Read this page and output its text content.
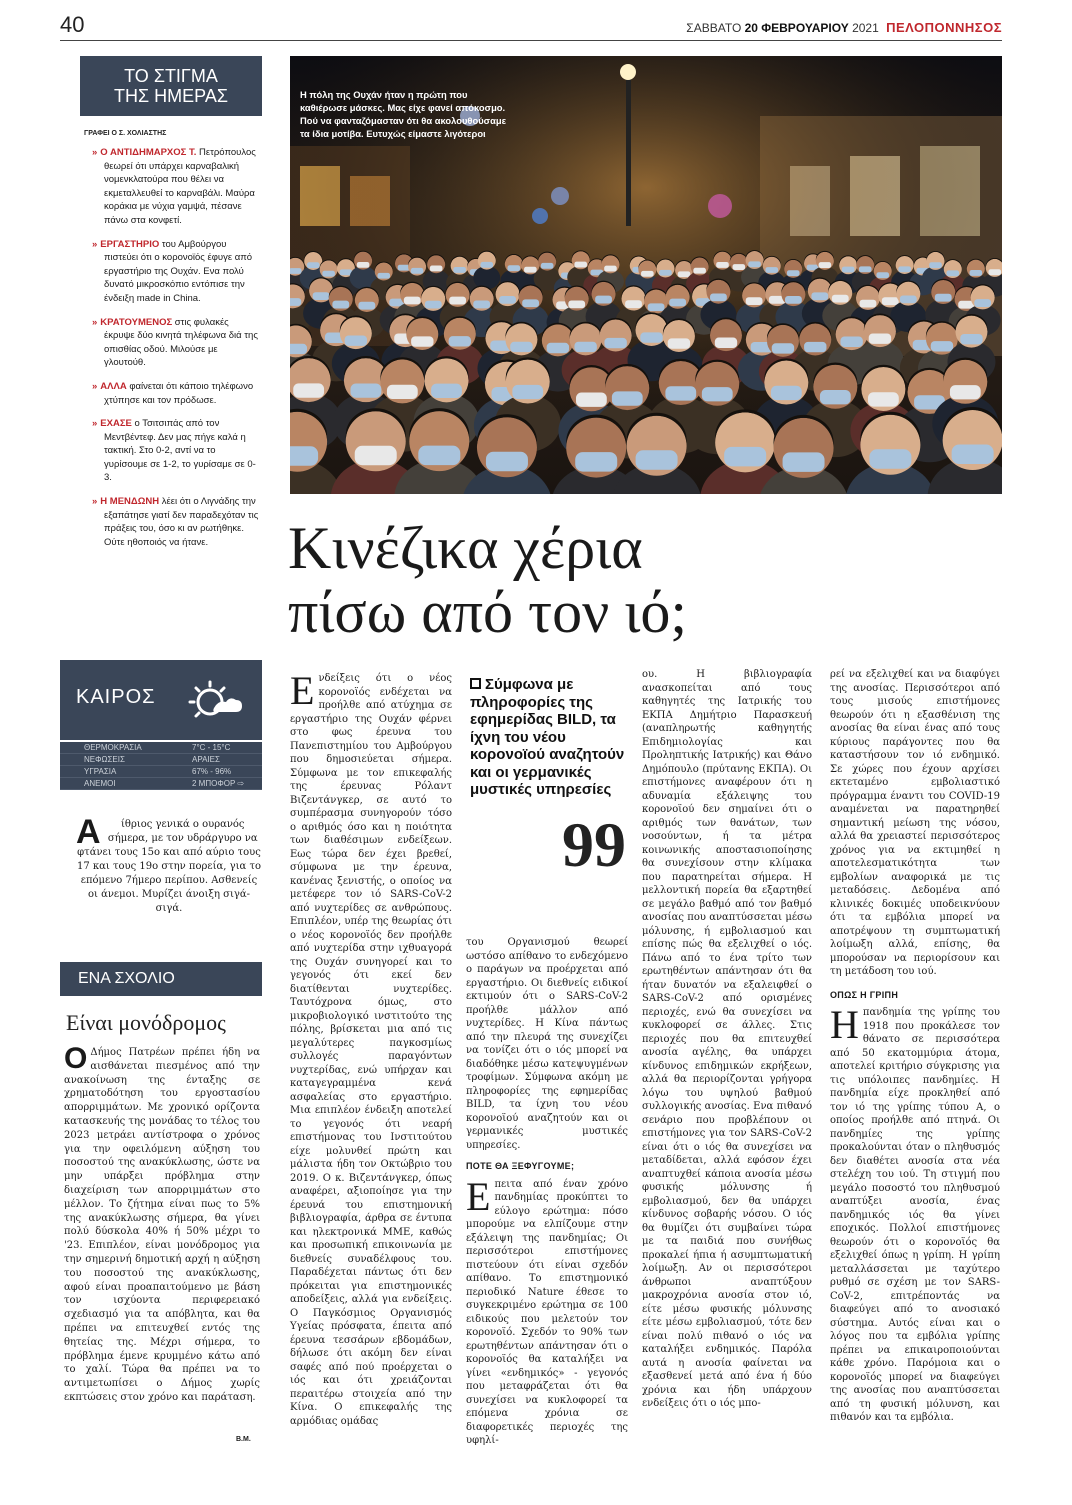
40	ΣΑΒΒΑΤΟ 20 ΦΕΒΡΟΥΑΡΙΟΥ 2021 ΠΕΛΟΠΟΝΝΗΣΟΣ
ΤΟ ΣΤΙΓΜΑ
ΤΗΣ ΗΜΕΡΑΣ
ΓΡΑΦΕΙ Ο Σ. ΧΟΛΙΑΣΤΗΣ
» Ο ΑΝΤΙΔΗΜΑΡΧΟΣ Τ. Πετρόπουλος θεωρεί ότι υπάρχει καρναβαλική νομενκλατούρα που θέλει να εκμεταλλευθεί το καρναβάλι. Μαύρα κοράκια με νύχια γαμψά, πέσανε πάνω στα κονφετί.
» ΕΡΓΑΣΤΗΡΙΟ του Αμβούργου πιστεύει ότι ο κορονοϊός έφυγε από εργαστήριο της Ουχάν. Ενα πολύ δυνατό μικροσκόπιο εντόπισε την ένδειξη made in China.
» ΚΡΑΤΟΥΜΕΝΟΣ στις φυλακές έκρυψε δύο κινητά τηλέφωνα διά της οπισθίας οδού. Μιλούσε με γλουτούθ.
» ΑΛΛΑ φαίνεται ότι κάποιο τηλέφωνο χτύπησε και τον πρόδωσε.
» ΕΧΑΣΕ ο Τσιτσιπάς από τον Μεντβέντεφ. Δεν μας πήγε καλά η τακτική. Στο 0-2, αντί να το γυρίσουμε σε 1-2, το γυρίσαμε σε 0-3.
» Η ΜΕΝΔΩΝΗ λέει ότι ο Λιγνάδης την εξαπάτησε γιατί δεν παραδεχόταν τις πράξεις του, όσο κι αν ρωτήθηκε. Ούτε ηθοποιός να ήτανε.
ΚΑΙΡΟΣ
ΘΕΡΜΟΚΡΑΣΙΑ	7°C - 15°C
ΝΕΦΩΣΕΙΣ	ΑΡΑΙΕΣ
ΥΓΡΑΣΙΑ	67% - 96%
ΑΝΕΜΟΙ	2 ΜΠΟΦΟΡ ⇨
Α ίθριος γενικά ο ουρανός σήμερα, με τον υδράργυρο να φτάνει τους 15ο και από αύριο τους 17 και τους 19ο στην πορεία, για το επόμενο 7ήμερο περίπου. Ασθενείς οι άνεμοι. Μυρίζει άνοιξη σιγά-σιγά.
ΕΝΑ ΣΧΟΛΙΟ
Είναι μονόδρομος
Ο Δήμος Πατρέων πρέπει ήδη να αισθάνεται πιεσμένος από την ανακοίνωση της ένταξης σε χρηματοδότηση του εργοστασίου απορριμμάτων. Με χρονικό ορίζοντα κατασκευής της μονάδας το τέλος του 2023 μετράει αντίστροφα ο χρόνος για την οφειλόμενη αύξηση του ποσοστού της ανακύκλωσης, ώστε να μην υπάρξει πρόβλημα στην διαχείριση των απορριμμάτων στο μέλλον. Το ζήτημα είναι πως το 5% της ανακύκλωσης σήμερα, θα γίνει πολύ δύσκολα 40% ή 50% μέχρι το '23. Επιπλέον, είναι μονόδρομος για την σημερινή δημοτική αρχή η αύξηση του ποσοστού της ανακύκλωσης, αφού είναι προαπαιτούμενο με βάση τον ισχύοντα περιφερειακό σχεδιασμό για τα απόβλητα, και θα πρέπει να επιτευχθεί εντός της θητείας της. Μέχρι σήμερα, το πρόβλημα έμενε κρυμμένο κάτω από το χαλί. Τώρα θα πρέπει να το αντιμετωπίσει ο Δήμος χωρίς εκπτώσεις στον χρόνο και παράταση.
Β.Μ.
Η πόλη της Ουχάν ήταν η πρώτη που καθιέρωσε μάσκες. Μας είχε φανεί απόκοσμο. Πού να φανταζόμασταν ότι θα ακολουθούσαμε τα ίδια μοτίβα. Ευτυχώς είμαστε λιγότεροι
Κινέζικα χέρια
πίσω από τον ιό;
Ενδείξεις ότι ο νέος κορονοϊός ενδέχεται να προήλθε από ατύχημα σε εργαστήριο της Ουχάν φέρνει στο φως έρευνα του Πανεπιστημίου του Αμβούργου που δημοσιεύεται σήμερα. Σύμφωνα με τον επικεφαλής της έρευνας Ρόλαντ Βιζεντάνγκερ, σε αυτό το συμπέρασμα συνηγορούν τόσο ο αριθμός όσο και η ποιότητα των διαθέσιμων ενδείξεων. Εως τώρα δεν έχει βρεθεί, σύμφωνα με την έρευνα, κανένας ξενιστής, ο οποίος να μετέφερε τον ιό SARS-CoV-2 από νυχτερίδες σε ανθρώπους. Επιπλέον, υπέρ της θεωρίας ότι ο νέος κορονοϊός δεν προήλθε από νυχτερίδα στην ιχθυαγορά της Ουχάν συνηγορεί και το γεγονός ότι εκεί δεν διατίθενται νυχτερίδες. Ταυτόχρονα όμως, στο μικροβιολογικό ινστιτούτο της πόλης, βρίσκεται μια από τις μεγαλύτερες παγκοσμίως συλλογές παραγόντων νυχτερίδας, ενώ υπήρχαν και καταγεγραμμένα κενά ασφαλείας στο εργαστήριο. Μια επιπλέον ένδειξη αποτελεί το γεγονός ότι νεαρή επιστήμονας του Ινστιτούτου είχε μολυνθεί πρώτη και μάλιστα ήδη τον Οκτώβριο του 2019. Ο κ. Βιζεντάνγκερ, όπως αναφέρει, αξιοποίησε για την έρευνά του επιστημονική βιβλιογραφία, άρθρα σε έντυπα και ηλεκτρονικά ΜΜΕ, καθώς και προσωπική επικοινωνία με διεθνείς συναδέλφους του. Παραδέχεται πάντως ότι δεν πρόκειται για επιστημονικές αποδείξεις, αλλά για ενδείξεις. Ο Παγκόσμιος Οργανισμός Υγείας πρόσφατα, έπειτα από έρευνα τεσσάρων εβδομάδων, δήλωσε ότι ακόμη δεν είναι σαφές από πού προέρχεται ο ιός και ότι χρειάζονται περαιτέρω στοιχεία από την Κίνα. Ο επικεφαλής της αρμόδιας ομάδας
Σύμφωνα με πληροφορίες της εφημερίδας BILD, τα ίχνη του νέου κορονοϊού αναζητούν και οι γερμανικές μυστικές υπηρεσίες
99

του Οργανισμού θεωρεί ωστόσο απίθανο το ενδεχόμενο ο παράγων να προέρχεται από εργαστήριο. Οι διεθνείς ειδικοί εκτιμούν ότι ο SARS-CoV-2 προήλθε μάλλον από νυχτερίδες. Η Κίνα πάντως από την πλευρά της συνεχίζει να τονίζει ότι ο ιός μπορεί να διαδόθηκε μέσω κατεψυγμένων τροφίμων. Σύμφωνα ακόμη με πληροφορίες της εφημερίδας BILD, τα ίχνη του νέου κορονοϊού αναζητούν και οι γερμανικές μυστικές υπηρεσίες.

ΠΟΤΕ ΘΑ ΞΕΦΥΓΟΥΜΕ;

Επειτα από έναν χρόνο πανδημίας προκύπτει το εύλογο ερώτημα: πόσο μπορούμε να ελπίζουμε στην εξάλειψη της πανδημίας; Οι περισσότεροι επιστήμονες πιστεύουν ότι είναι σχεδόν απίθανο. Το επιστημονικό περιοδικό Nature έθεσε το συγκεκριμένο ερώτημα σε 100 ειδικούς που μελετούν τον κορονοϊό. Σχεδόν το 90% των ερωτηθέντων απάντησαν ότι ο κορονοϊός θα καταλήξει να γίνει «ενδημικός» - γεγονός που μεταφράζεται ότι θα συνεχίσει να κυκλοφορεί τα επόμενα χρόνια σε διαφορετικές περιοχές της υφηλί-

ου. Η βιβλιογραφία ανασκοπείται από τους καθηγητές της Ιατρικής του ΕΚΠΑ Δημήτριο Παρασκευή (αναπληρωτής καθηγητής Επιδημιολογίας και Προληπτικής Ιατρικής) και Θάνο Δημόπουλο (πρύτανης ΕΚΠΑ). Οι επιστήμονες αναφέρουν ότι η αδυναμία εξάλειψης του κορονοϊού δεν σημαίνει ότι ο αριθμός των θανάτων, των νοσούντων, ή τα μέτρα κοινωνικής αποστασιοποίησης θα συνεχίσουν στην κλίμακα που παρατηρείται σήμερα. Η μελλοντική πορεία θα εξαρτηθεί σε μεγάλο βαθμό από τον βαθμό ανοσίας που αναπτύσσεται μέσω μόλυνσης, ή εμβολιασμού και επίσης πώς θα εξελιχθεί ο ιός. Πάνω από το ένα τρίτο των ερωτηθέντων απάντησαν ότι θα ήταν δυνατόν να εξαλειφθεί ο SARS-CoV-2 από ορισμένες περιοχές, ενώ θα συνεχίσει να κυκλοφορεί σε άλλες. Στις περιοχές που θα επιτευχθεί ανοσία αγέλης, θα υπάρχει κίνδυνος επιδημικών εκρήξεων, αλλά θα περιορίζονται γρήγορα λόγω του υψηλού βαθμού συλλογικής ανοσίας. Ενα πιθανό σενάριο που προβλέπουν οι επιστήμονες για τον SARS-CoV-2 είναι ότι ο ιός θα συνεχίσει να μεταδίδεται, αλλά εφόσον έχει αναπτυχθεί κάποια ανοσία μέσω φυσικής μόλυνσης ή εμβολιασμού, δεν θα υπάρχει κίνδυνος σοβαρής νόσου. Ο ιός θα θυμίζει ότι συμβαίνει τώρα με τα παιδιά που συνήθως προκαλεί ήπια ή ασυμπτωματική λοίμωξη. Αν οι περισσότεροι άνθρωποι αναπτύξουν μακροχρόνια ανοσία στον ιό, είτε μέσω φυσικής μόλυνσης είτε μέσω εμβολιασμού, τότε δεν είναι πολύ πιθανό ο ιός να καταλήξει ενδημικός. Παρόλα αυτά η ανοσία φαίνεται να εξασθενεί μετά από ένα ή δύο χρόνια και ήδη υπάρχουν ενδείξεις ότι ο ιός μπο-

ρεί να εξελιχθεί και να διαφύγει της ανοσίας. Περισσότεροι από τους μισούς επιστήμονες θεωρούν ότι η εξασθένιση της ανοσίας θα είναι ένας από τους κύριους παράγοντες που θα καταστήσουν τον ιό ενδημικό. Σε χώρες που έχουν αρχίσει εκτεταμένο εμβολιαστικό πρόγραμμα έναντι του COVID-19 αναμένεται να παρατηρηθεί σημαντική μείωση της νόσου, αλλά θα χρειαστεί περισσότερος χρόνος για να εκτιμηθεί η αποτελεσματικότητα των εμβολίων αναφορικά με τις μεταδόσεις. Δεδομένα από κλινικές δοκιμές υποδεικνύουν ότι τα εμβόλια μπορεί να αποτρέψουν τη συμπτωματική λοίμωξη αλλά, επίσης, θα μπορούσαν να περιορίσουν και τη μετάδοση του ιού.

ΟΠΩΣ Η ΓΡΙΠΗ

Ηπανδημία της γρίπης του 1918 που προκάλεσε τον θάνατο σε περισσότερα από 50 εκατομμύρια άτομα, αποτελεί κριτήριο σύγκρισης για τις υπόλοιπες πανδημίες. Η πανδημία είχε προκληθεί από τον ιό της γρίπης τύπου Α, ο οποίος προήλθε από πτηνά. Οι πανδημίες της γρίπης προκαλούνται όταν ο πληθυσμός δεν διαθέτει ανοσία στα νέα στελέχη του ιού. Τη στιγμή που μεγάλο ποσοστό του πληθυσμού αναπτύξει ανοσία, ένας πανδημικός ιός θα γίνει εποχικός. Πολλοί επιστήμονες θεωρούν ότι ο κορονοϊός θα εξελιχθεί όπως η γρίπη. Η γρίπη μεταλλάσσεται με ταχύτερο ρυθμό σε σχέση με τον SARS-CoV-2, επιτρέποντάς να διαφεύγει από το ανοσιακό σύστημα. Αυτός είναι και ο λόγος που τα εμβόλια γρίπης πρέπει να επικαιροποιούνται κάθε χρόνο. Παρόμοια και ο κορονοϊός μπορεί να διαφεύγει της ανοσίας που αναπτύσσεται από τη φυσική μόλυνση, και πιθανόν και τα εμβόλια.
